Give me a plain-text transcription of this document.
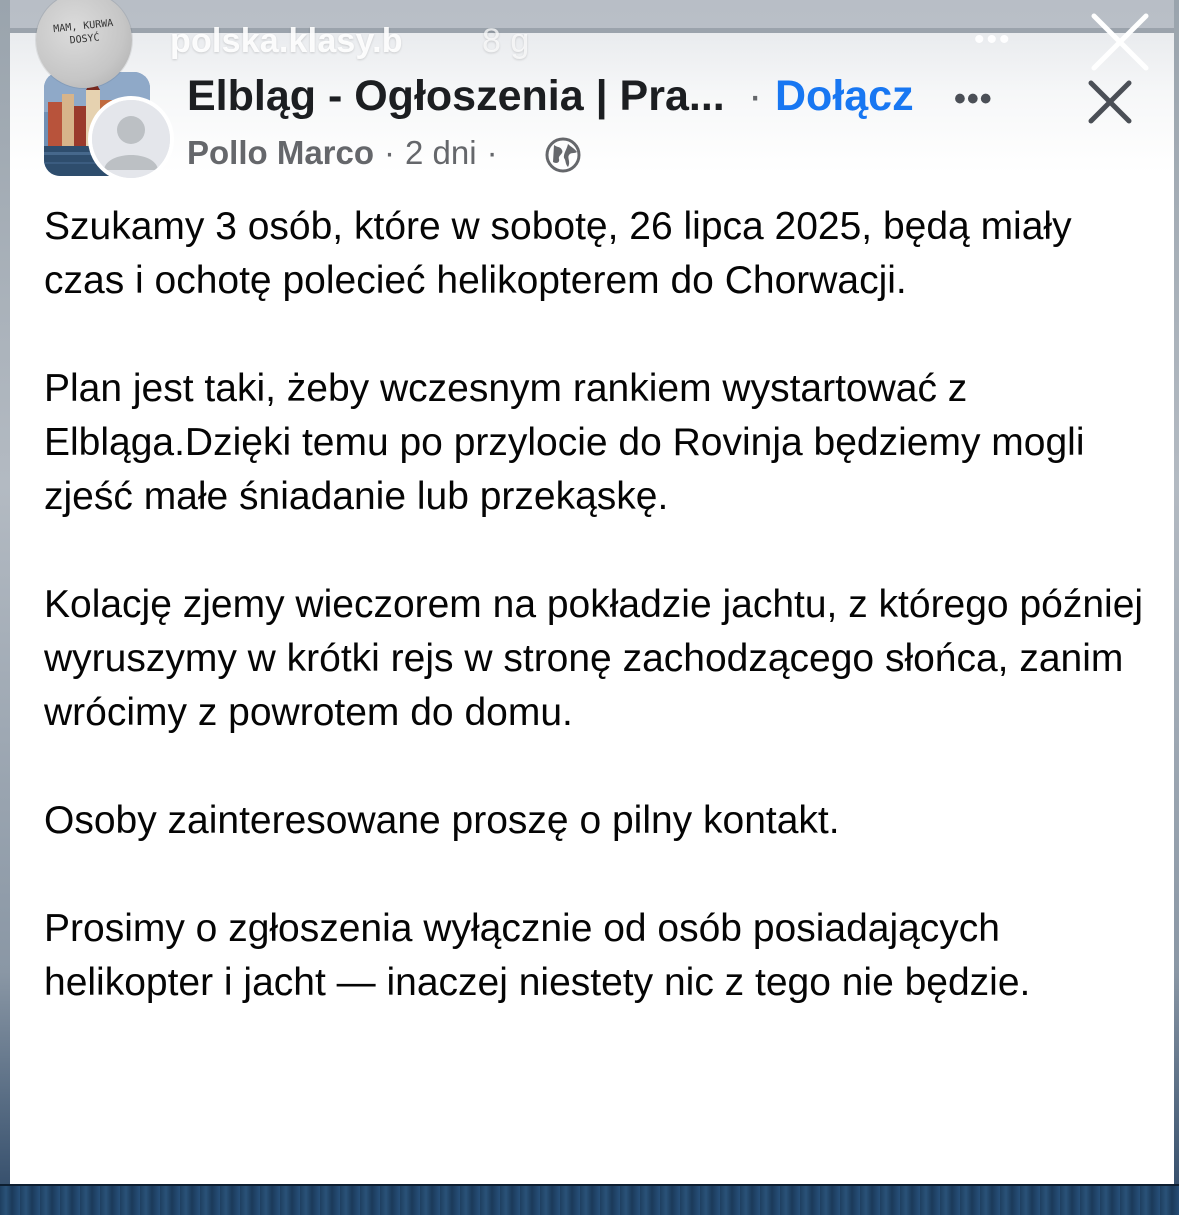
MAM, KURWA DOSYĆ	polska.klasy.b 8 g	•••
Elbląg - Ogłoszenia | Pra... · Dołącz •••
Pollo Marco · 2 dni ·

Szukamy 3 osób, które w sobotę, 26 lipca 2025, będą miały czas i ochotę polecieć helikopterem do Chorwacji.

Plan jest taki, żeby wczesnym rankiem wystartować z Elbląga.Dzięki temu po przylocie do Rovinja będziemy mogli zjeść małe śniadanie lub przekąskę.

Kolację zjemy wieczorem na pokładzie jachtu, z którego później wyruszymy w krótki rejs w stronę zachodzącego słońca, zanim wrócimy z powrotem do domu.

Osoby zainteresowane proszę o pilny kontakt.

Prosimy o zgłoszenia wyłącznie od osób posiadających helikopter i jacht — inaczej niestety nic z tego nie będzie.
